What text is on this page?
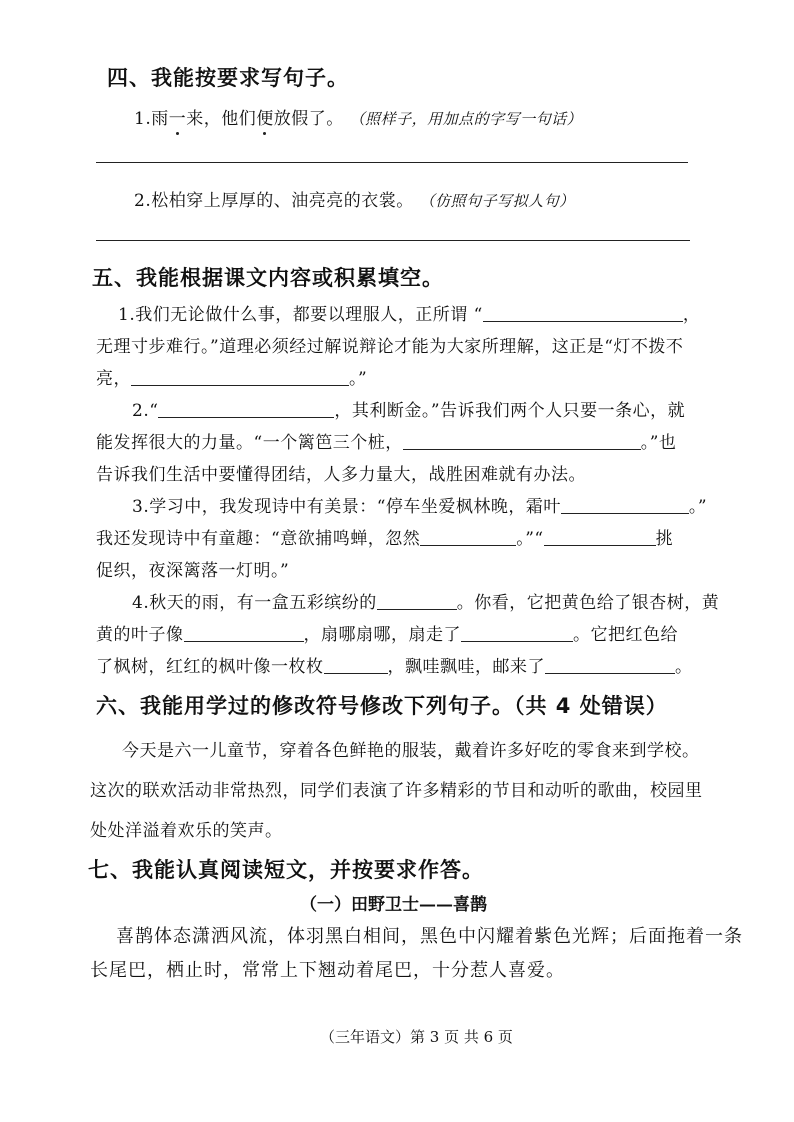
四、我能按要求写句子。
1.雨一来，他们便放假了。 （照样子，用加点的字写一句话）
2.松柏穿上厚厚的、油亮亮的衣裳。 （仿照句子写拟人句）
五、我能根据课文内容或积累填空。
1.我们无论做什么事，都要以理服人，正所谓 “	，
无理寸步难行。”道理必须经过解说辩论才能为大家所理解，这正是“灯不拨不
亮，	。”
2.“	，其利断金。”告诉我们两个人只要一条心，就
能发挥很大的力量。“一个篱笆三个桩，	。”也
告诉我们生活中要懂得团结，人多力量大，战胜困难就有办法。
3.学习中，我发现诗中有美景：“停车坐爱枫林晚，霜叶	。”
我还发现诗中有童趣：“意欲捕鸣蝉，忽然	。”“	挑
促织，夜深篱落一灯明。”
4.秋天的雨，有一盒五彩缤纷的	。你看，它把黄色给了银杏树，黄
黄的叶子像	，扇哪扇哪，扇走了	。它把红色给
了枫树，红红的枫叶像一枚枚	，飘哇飘哇，邮来了	。
六、我能用学过的修改符号修改下列句子。（共 4 处错误）
今天是六一儿童节，穿着各色鲜艳的服装，戴着许多好吃的零食来到学校。
这次的联欢活动非常热烈，同学们表演了许多精彩的节目和动听的歌曲，校园里
处处洋溢着欢乐的笑声。
七、我能认真阅读短文，并按要求作答。
（一）田野卫士——喜鹊
喜鹊体态潇洒风流，体羽黑白相间，黑色中闪耀着紫色光辉；后面拖着一条
长尾巴，栖止时，常常上下翘动着尾巴，十分惹人喜爱。
（三年语文）第 3 页 共 6 页
